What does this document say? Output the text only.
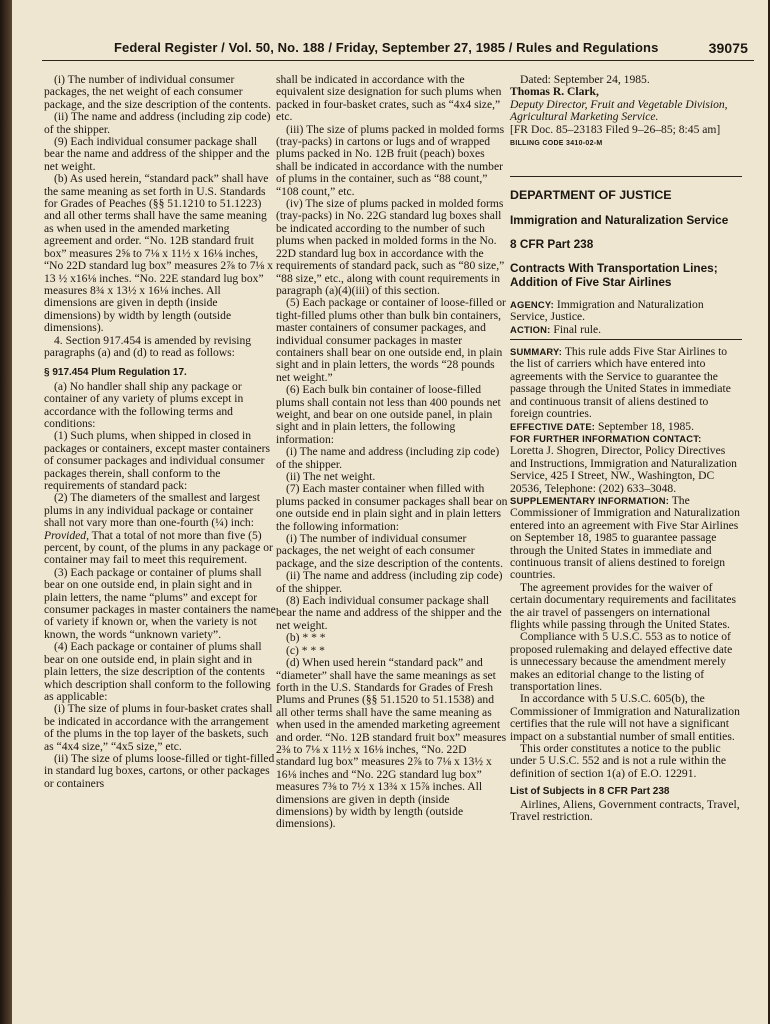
Federal Register / Vol. 50, No. 188 / Friday, September 27, 1985 / Rules and Regulations	39075

(i) The number of individual consumer packages, the net weight of each consumer package, and the size description of the contents.

(ii) The name and address (including zip code) of the shipper.

(9) Each individual consumer package shall bear the name and address of the shipper and the net weight.

(b) As used herein, “standard pack” shall have the same meaning as set forth in U.S. Standards for Grades of Peaches (§§ 51.1210 to 51.1223) and all other terms shall have the same meaning as when used in the amended marketing agreement and order. “No. 12B standard fruit box” measures 2⅝ to 7⅛ x 11½ x 16⅛ inches, “No 22D standard lug box” measures 2⅞ to 7⅛ x 13 ½ x16⅛ inches. “No. 22E standard lug box” measures 8¾ x 13½ x 16⅛ inches. All dimensions are given in depth (inside dimensions) by width by length (outside dimensions).

4. Section 917.454 is amended by revising paragraphs (a) and (d) to read as follows:

§ 917.454 Plum Regulation 17.

(a) No handler shall ship any package or container of any variety of plums except in accordance with the following terms and conditions:

(1) Such plums, when shipped in closed in packages or containers, except master containers of consumer packages and individual consumer packages therein, shall conform to the requirements of standard pack:

(2) The diameters of the smallest and largest plums in any individual package or container shall not vary more than one-fourth (¼) inch: Provided, That a total of not more than five (5) percent, by count, of the plums in any package or container may fail to meet this requirement.

(3) Each package or container of plums shall bear on one outside end, in plain sight and in plain letters, the name “plums” and except for consumer packages in master containers the name of variety if known or, when the variety is not known, the words “unknown variety”.

(4) Each package or container of plums shall bear on one outside end, in plain sight and in plain letters, the size description of the contents which description shall conform to the following as applicable:

(i) The size of plums in four-basket crates shall be indicated in accordance with the arrangement of the plums in the top layer of the baskets, such as “4x4 size,” “4x5 size,” etc.

(ii) The size of plums loose-filled or tight-filled in standard lug boxes, cartons, or other packages or containers

shall be indicated in accordance with the equivalent size designation for such plums when packed in four-basket crates, such as “4x4 size,” etc.

(iii) The size of plums packed in molded forms (tray-packs) in cartons or lugs and of wrapped plums packed in No. 12B fruit (peach) boxes shall be indicated in accordance with the number of plums in the container, such as “88 count,” “108 count,” etc.

(iv) The size of plums packed in molded forms (tray-packs) in No. 22G standard lug boxes shall be indicated according to the number of such plums when packed in molded forms in the No. 22D standard lug box in accordance with the requirements of standard pack, such as “80 size,” “88 size,” etc., along with count requirements in paragraph (a)(4)(iii) of this section.

(5) Each package or container of loose-filled or tight-filled plums other than bulk bin containers, master containers of consumer packages, and individual consumer packages in master containers shall bear on one outside end, in plain sight and in plain letters, the words “28 pounds net weight.”

(6) Each bulk bin container of loose-filled plums shall contain not less than 400 pounds net weight, and bear on one outside panel, in plain sight and in plain letters, the following information:

(i) The name and address (including zip code) of the shipper.

(ii) The net weight.

(7) Each master container when filled with plums packed in consumer packages shall bear on one outside end in plain sight and in plain letters the following information:

(i) The number of individual consumer packages, the net weight of each consumer package, and the size description of the contents.

(ii) The name and address (including zip code) of the shipper.

(8) Each individual consumer package shall bear the name and address of the shipper and the net weight.

(b) * * *

(c) * * *

(d) When used herein “standard pack” and “diameter” shall have the same meanings as set forth in the U.S. Standards for Grades of Fresh Plums and Prunes (§§ 51.1520 to 51.1538) and all other terms shall have the same meaning as when used in the amended marketing agreement and order. “No. 12B standard fruit box” measures 2⅜ to 7⅛ x 11½ x 16⅛ inches, “No. 22D standard lug box” measures 2⅞ to 7⅛ x 13½ x 16⅛ inches and “No. 22G standard lug box” measures 7⅜ to 7½ x 13¾ x 15⅞ inches. All dimensions are given in depth (inside dimensions) by width by length (outside dimensions).

Dated: September 24, 1985.

Thomas R. Clark,

Deputy Director, Fruit and Vegetable Division, Agricultural Marketing Service.

[FR Doc. 85–23183 Filed 9–26–85; 8:45 am]

BILLING CODE 3410-02-M

DEPARTMENT OF JUSTICE

Immigration and Naturalization Service

8 CFR Part 238

Contracts With Transportation Lines; Addition of Five Star Airlines

AGENCY: Immigration and Naturalization Service, Justice.

ACTION: Final rule.

SUMMARY: This rule adds Five Star Airlines to the list of carriers which have entered into agreements with the Service to guarantee the passage through the United States in immediate and continuous transit of aliens destined to foreign countries.

EFFECTIVE DATE: September 18, 1985.

FOR FURTHER INFORMATION CONTACT:

Loretta J. Shogren, Director, Policy Directives and Instructions, Immigration and Naturalization Service, 425 I Street, NW., Washington, DC 20536, Telephone: (202) 633–3048.

SUPPLEMENTARY INFORMATION: The Commissioner of Immigration and Naturalization entered into an agreement with Five Star Airlines on September 18, 1985 to guarantee passage through the United States in immediate and continuous transit of aliens destined to foreign countries.

The agreement provides for the waiver of certain documentary requirements and facilitates the air travel of passengers on international flights while passing through the United States.

Compliance with 5 U.S.C. 553 as to notice of proposed rulemaking and delayed effective date is unnecessary because the amendment merely makes an editorial change to the listing of transportation lines.

In accordance with 5 U.S.C. 605(b), the Commissioner of Immigration and Naturalization certifies that the rule will not have a significant impact on a substantial number of small entities.

This order constitutes a notice to the public under 5 U.S.C. 552 and is not a rule within the definition of section 1(a) of E.O. 12291.

List of Subjects in 8 CFR Part 238

Airlines, Aliens, Government contracts, Travel, Travel restriction.
